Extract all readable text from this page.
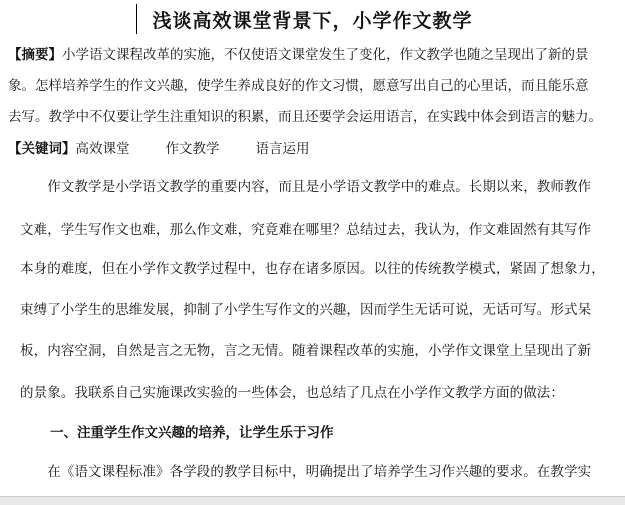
浅谈高效课堂背景下，小学作文教学
【摘要】小学语文课程改革的实施，不仅使语文课堂发生了变化，作文教学也随之呈现出了新的景
象。怎样培养学生的作文兴趣，使学生养成良好的作文习惯，愿意写出自己的心里话，而且能乐意
去写。教学中不仅要让学生注重知识的积累，而且还要学会运用语言，在实践中体会到语言的魅力。
【关键词】高效课堂	作文教学	语言运用
　　作文教学是小学语文教学的重要内容，而且是小学语文教学中的难点。长期以来，教师教作
文难，学生写作文也难，那么作文难，究竟难在哪里？总结过去，我认为，作文难固然有其写作
本身的难度，但在小学作文教学过程中，也存在诸多原因。以往的传统教学模式，紧固了想象力，
束缚了小学生的思维发展，抑制了小学生写作文的兴趣，因而学生无话可说，无话可写。形式呆
板，内容空洞，自然是言之无物，言之无情。随着课程改革的实施，小学作文课堂上呈现出了新
的景象。我联系自己实施课改实验的一些体会，也总结了几点在小学作文教学方面的做法：
一、注重学生作文兴趣的培养，让学生乐于习作
　　在《语文课程标准》各学段的教学目标中，明确提出了培养学生习作兴趣的要求。在教学实
